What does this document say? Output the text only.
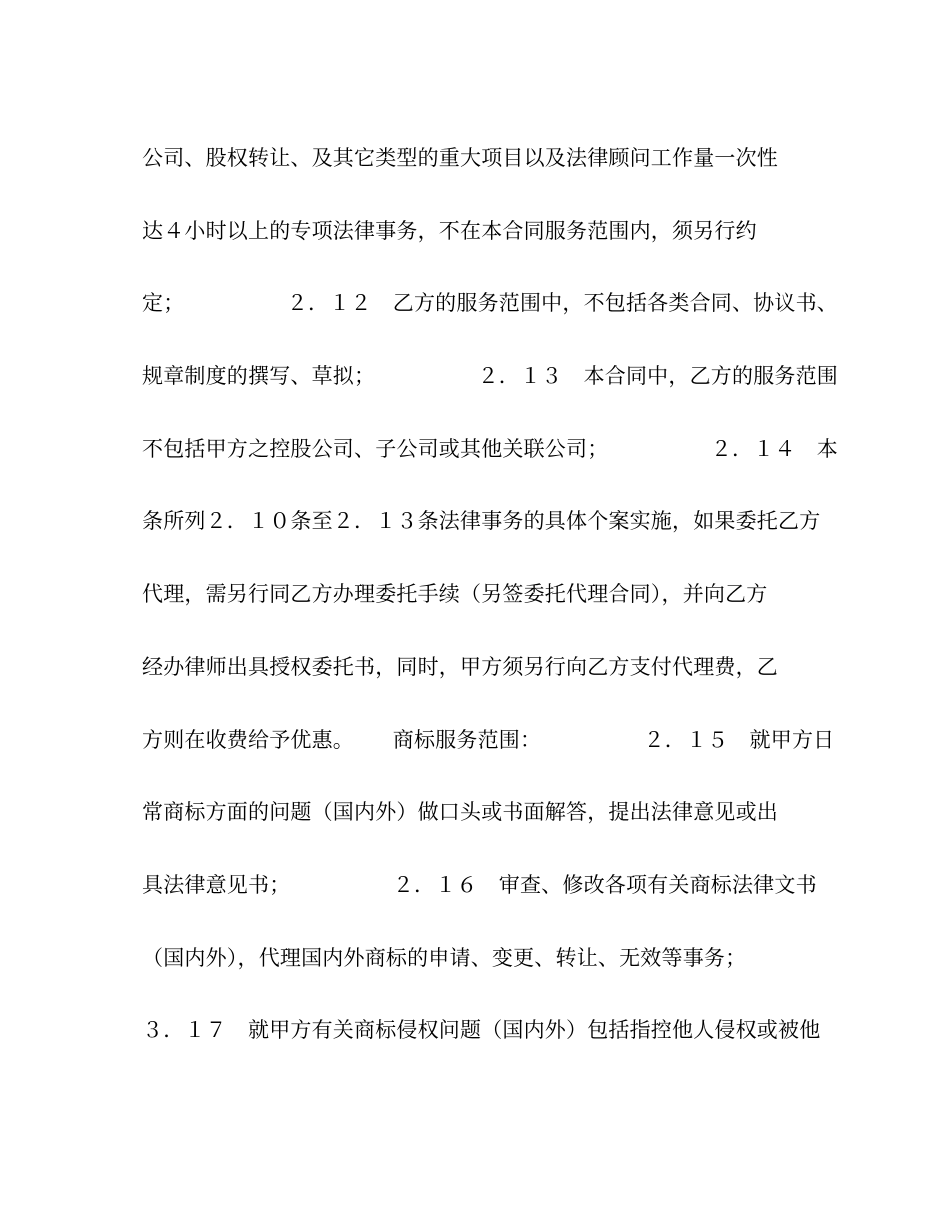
公司、股权转让、及其它类型的重大项目以及法律顾问工作量一次性
达４小时以上的专项法律事务，不在本合同服务范围内，须另行约
定；　　　　　 ２．１２　乙方的服务范围中，不包括各类合同、协议书、
规章制度的撰写、草拟；　　　　　 ２．１３　本合同中，乙方的服务范围
不包括甲方之控股公司、子公司或其他关联公司；　　　　　 ２．１４　本
条所列２．１０条至２．１３条法律事务的具体个案实施，如果委托乙方
代理，需另行同乙方办理委托手续（另签委托代理合同），并向乙方
经办律师出具授权委托书，同时，甲方须另行向乙方支付代理费，乙
方则在收费给予优惠。　　 商标服务范围：　　　　　 ２．１５　就甲方日
常商标方面的问题（国内外）做口头或书面解答，提出法律意见或出
具法律意见书；　　　　　 ２．１６　审查、修改各项有关商标法律文书
（国内外），代理国内外商标的申请、变更、转让、无效等事务；
３．１７　就甲方有关商标侵权问题（国内外）包括指控他人侵权或被他
